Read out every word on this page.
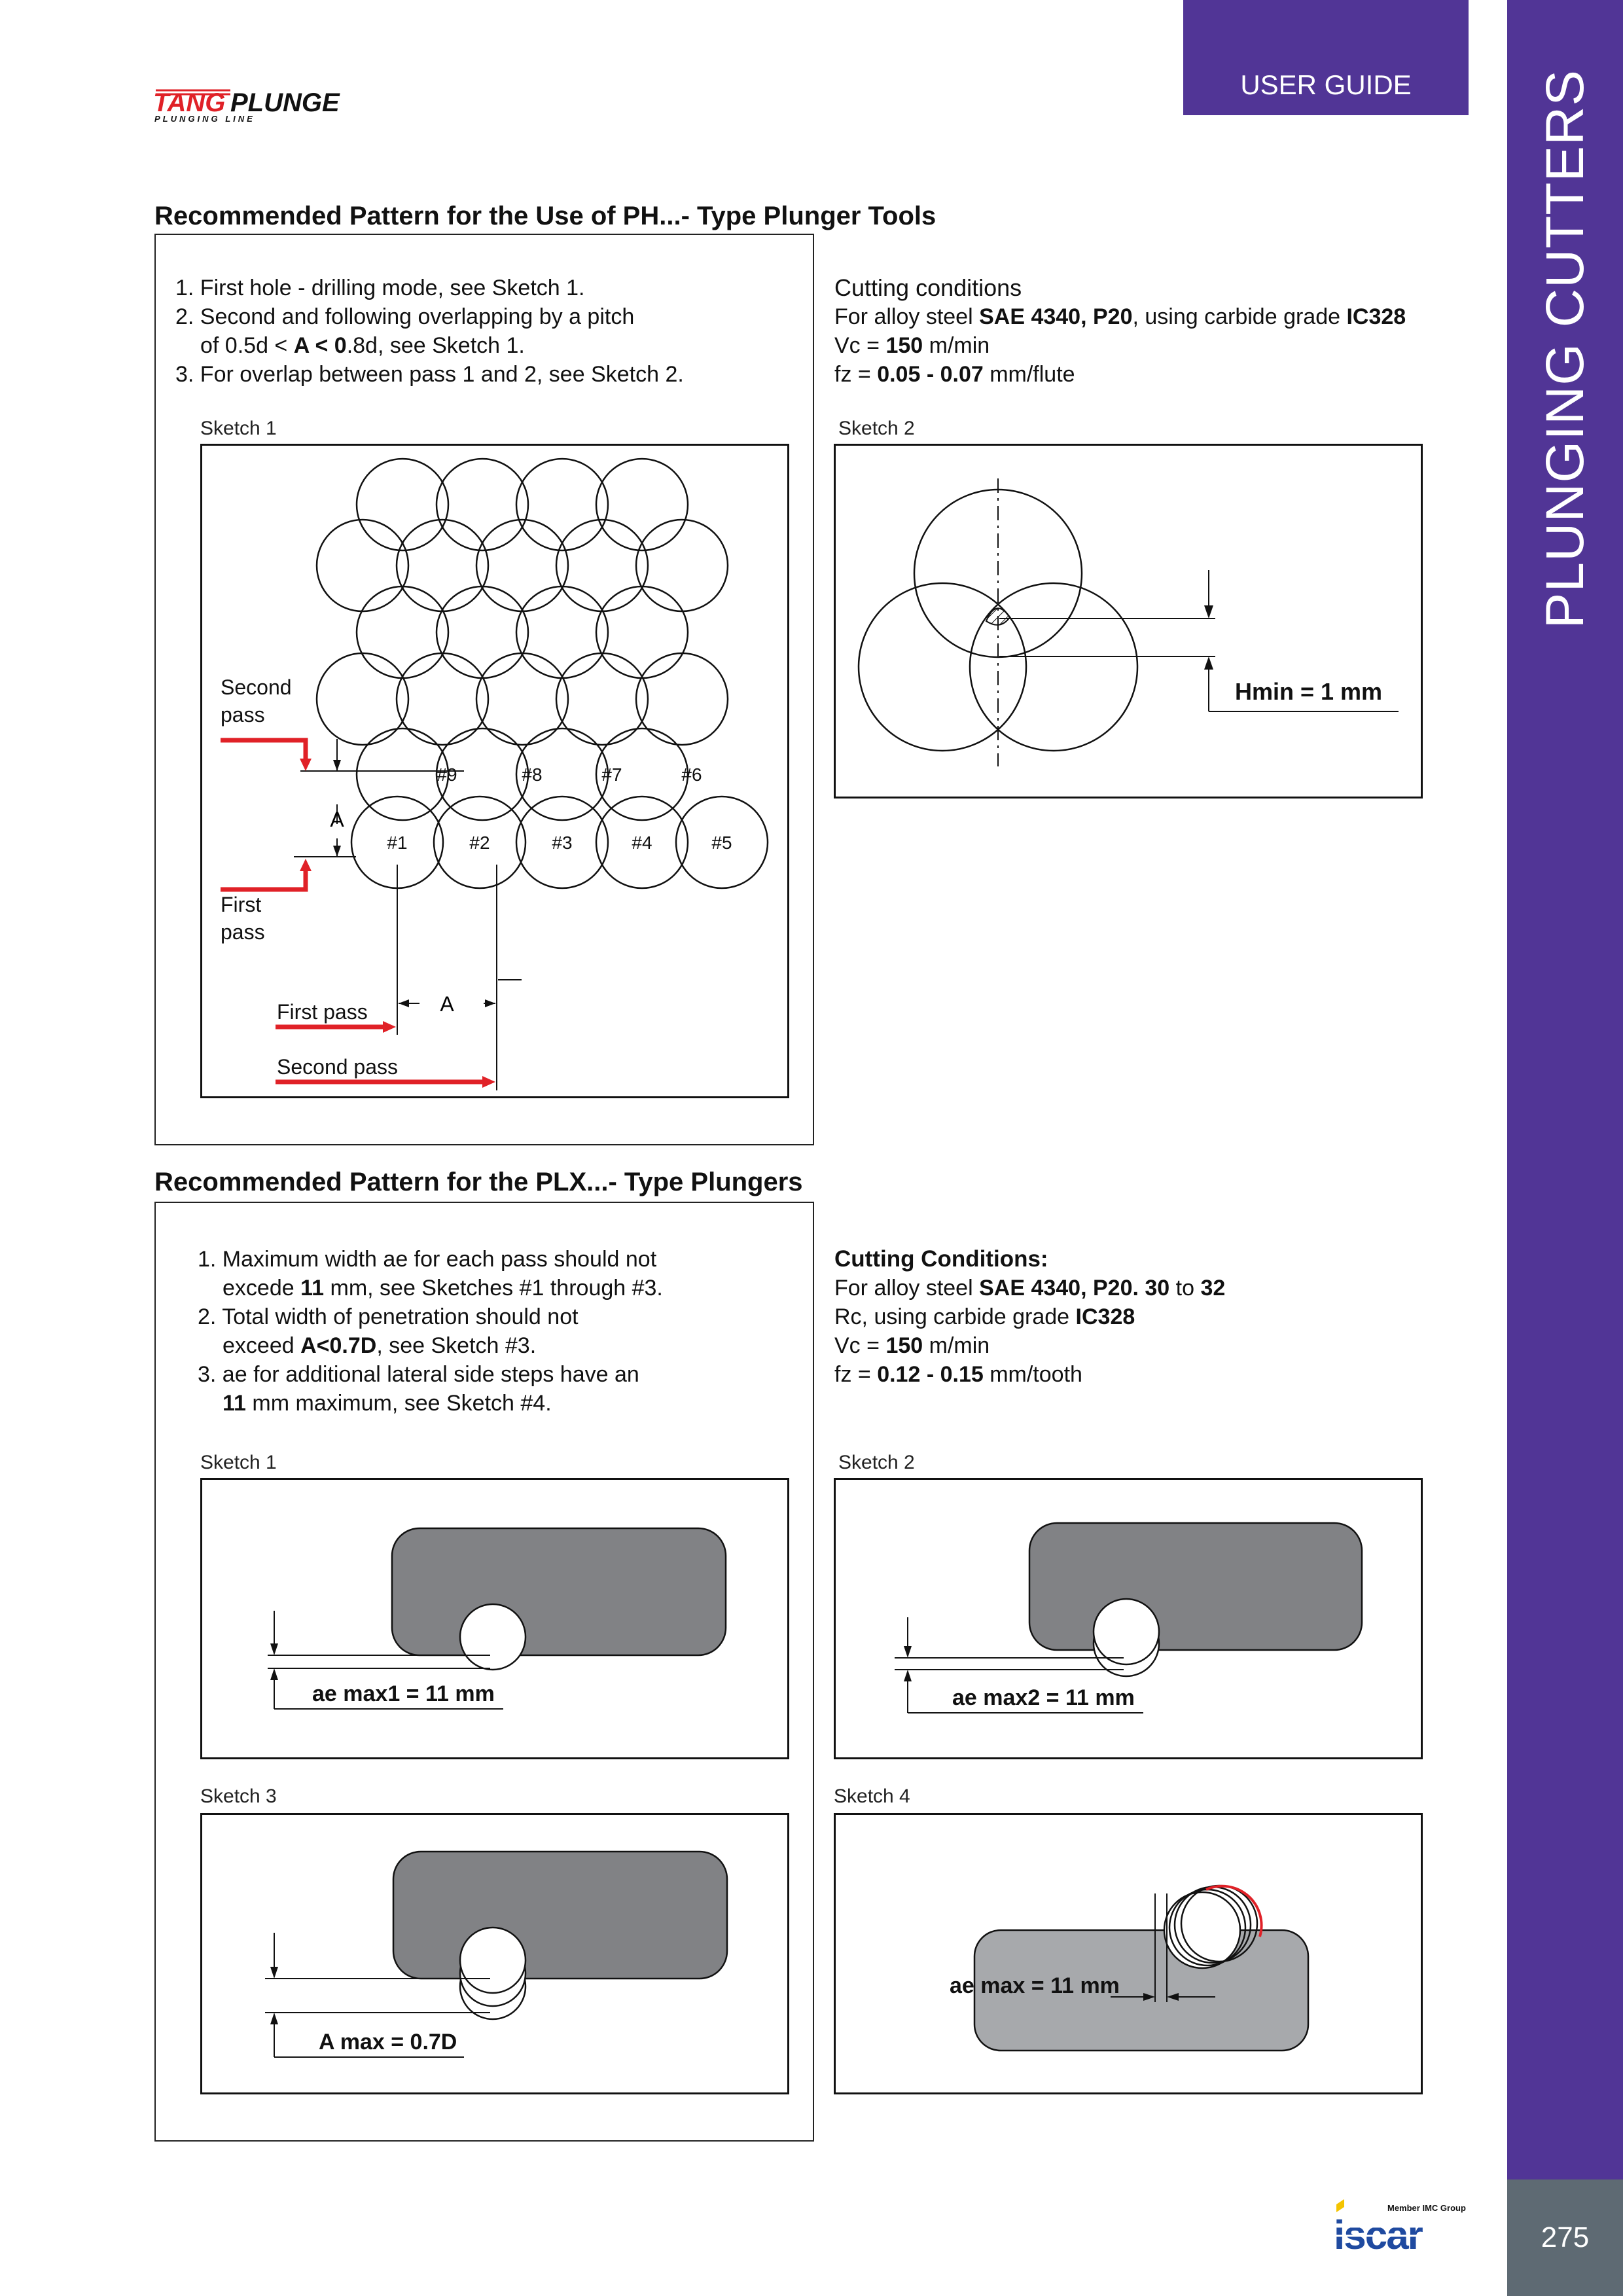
USER GUIDE PLUNGING CUTTERS
275
TANG PLUNGE
PLUNGING LINE
Recommended Pattern for the Use of PH...- Type Plunger Tools
1. First hole - drilling mode, see Sketch 1.
2. Second and following overlapping by a pitch
of 0.5d < A < 0.8d, see Sketch 1.
3. For overlap between pass 1 and 2, see Sketch 2.
Cutting conditions
For alloy steel SAE 4340, P20, using carbide grade IC328
Vc = 150 m/min
fz = 0.05 - 0.07 mm/flute
Sketch 1
#1	#2	#3	#4	#5
#9	#8	#7	#6
A
A
Second
pass
First
pass
First pass
Second pass
Sketch 2
Hmin = 1 mm
Recommended Pattern for the PLX...- Type Plungers
1. Maximum width ae for each pass should not
excede 11 mm, see Sketches #1 through #3.
2. Total width of penetration should not
exceed A<0.7D, see Sketch #3.
3. ae for additional lateral side steps have an
11 mm maximum, see Sketch #4.
Cutting Conditions:
For alloy steel SAE 4340, P20. 30 to 32
Rc, using carbide grade IC328
Vc = 150 m/min
fz = 0.12 - 0.15 mm/tooth
Sketch 1
ae max1 = 11 mm
Sketch 2
ae max2 = 11 mm
Sketch 3
A max = 0.7D
Sketch 4
ae max = 11 mm
Member IMC Group
iscar
